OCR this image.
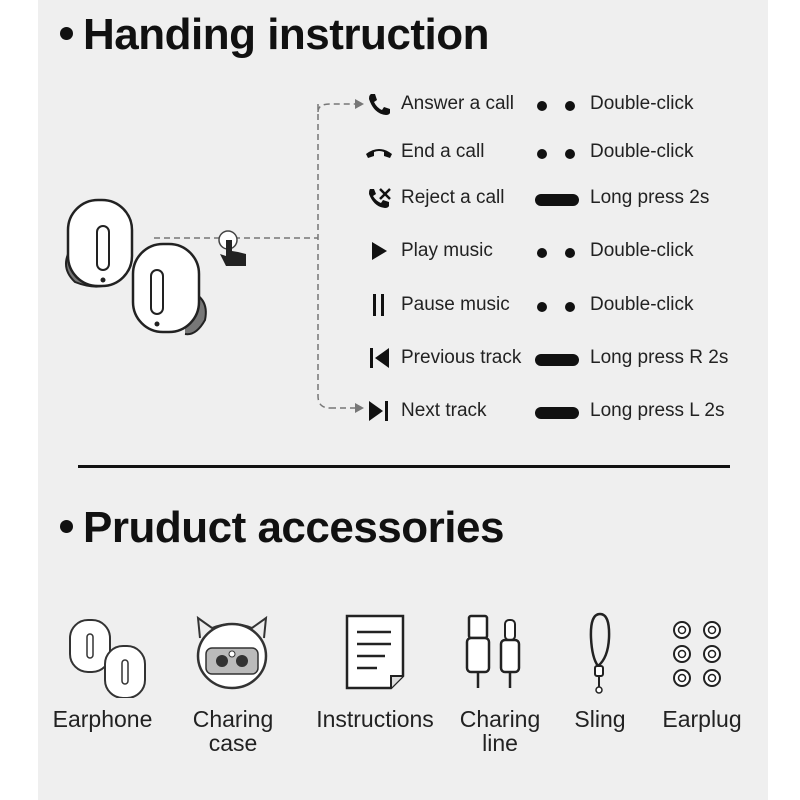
Handing instruction
Answer a call	Double-click
End a call	Double-click
Reject a call	Long press 2s
Play music	Double-click
Pause music	Double-click
Previous track	Long press R 2s
Next track	Long press L 2s
Pruduct accessories
Earphone	Charing
case
Instructions	Charing
line
Sling	Earplug
